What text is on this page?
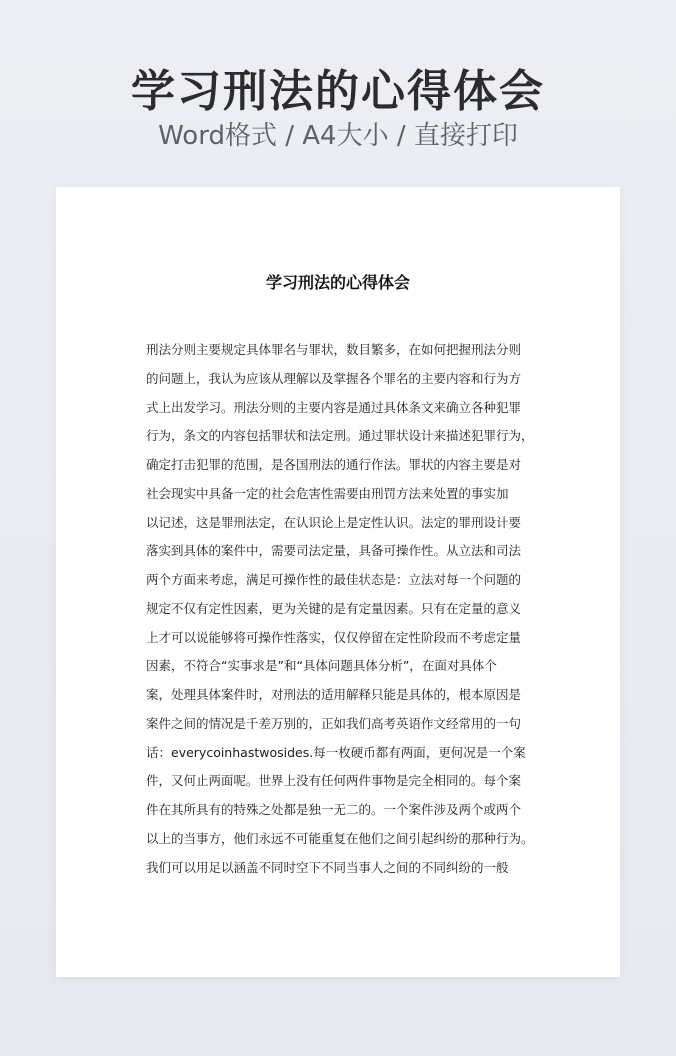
学习刑法的心得体会
Word格式 / A4大小 / 直接打印
学习刑法的心得体会
刑法分则主要规定具体罪名与罪状，数目繁多，在如何把握刑法分则
的问题上，我认为应该从理解以及掌握各个罪名的主要内容和行为方
式上出发学习。刑法分则的主要内容是通过具体条文来确立各种犯罪
行为，条文的内容包括罪状和法定刑。通过罪状设计来描述犯罪行为，
确定打击犯罪的范围，是各国刑法的通行作法。罪状的内容主要是对
社会现实中具备一定的社会危害性需要由刑罚方法来处置的事实加
以记述，这是罪刑法定，在认识论上是定性认识。法定的罪刑设计要
落实到具体的案件中，需要司法定量，具备可操作性。从立法和司法
两个方面来考虑，满足可操作性的最佳状态是：立法对每一个问题的
规定不仅有定性因素，更为关键的是有定量因素。只有在定量的意义
上才可以说能够将可操作性落实，仅仅停留在定性阶段而不考虑定量
因素，不符合“实事求是”和“具体问题具体分析”，在面对具体个
案，处理具体案件时，对刑法的适用解释只能是具体的，根本原因是
案件之间的情况是千差万别的，正如我们高考英语作文经常用的一句
话：everycoinhastwosides.每一枚硬币都有两面，更何况是一个案
件，又何止两面呢。世界上没有任何两件事物是完全相同的。每个案
件在其所具有的特殊之处都是独一无二的。一个案件涉及两个或两个
以上的当事方，他们永远不可能重复在他们之间引起纠纷的那种行为。
我们可以用足以涵盖不同时空下不同当事人之间的不同纠纷的一般
